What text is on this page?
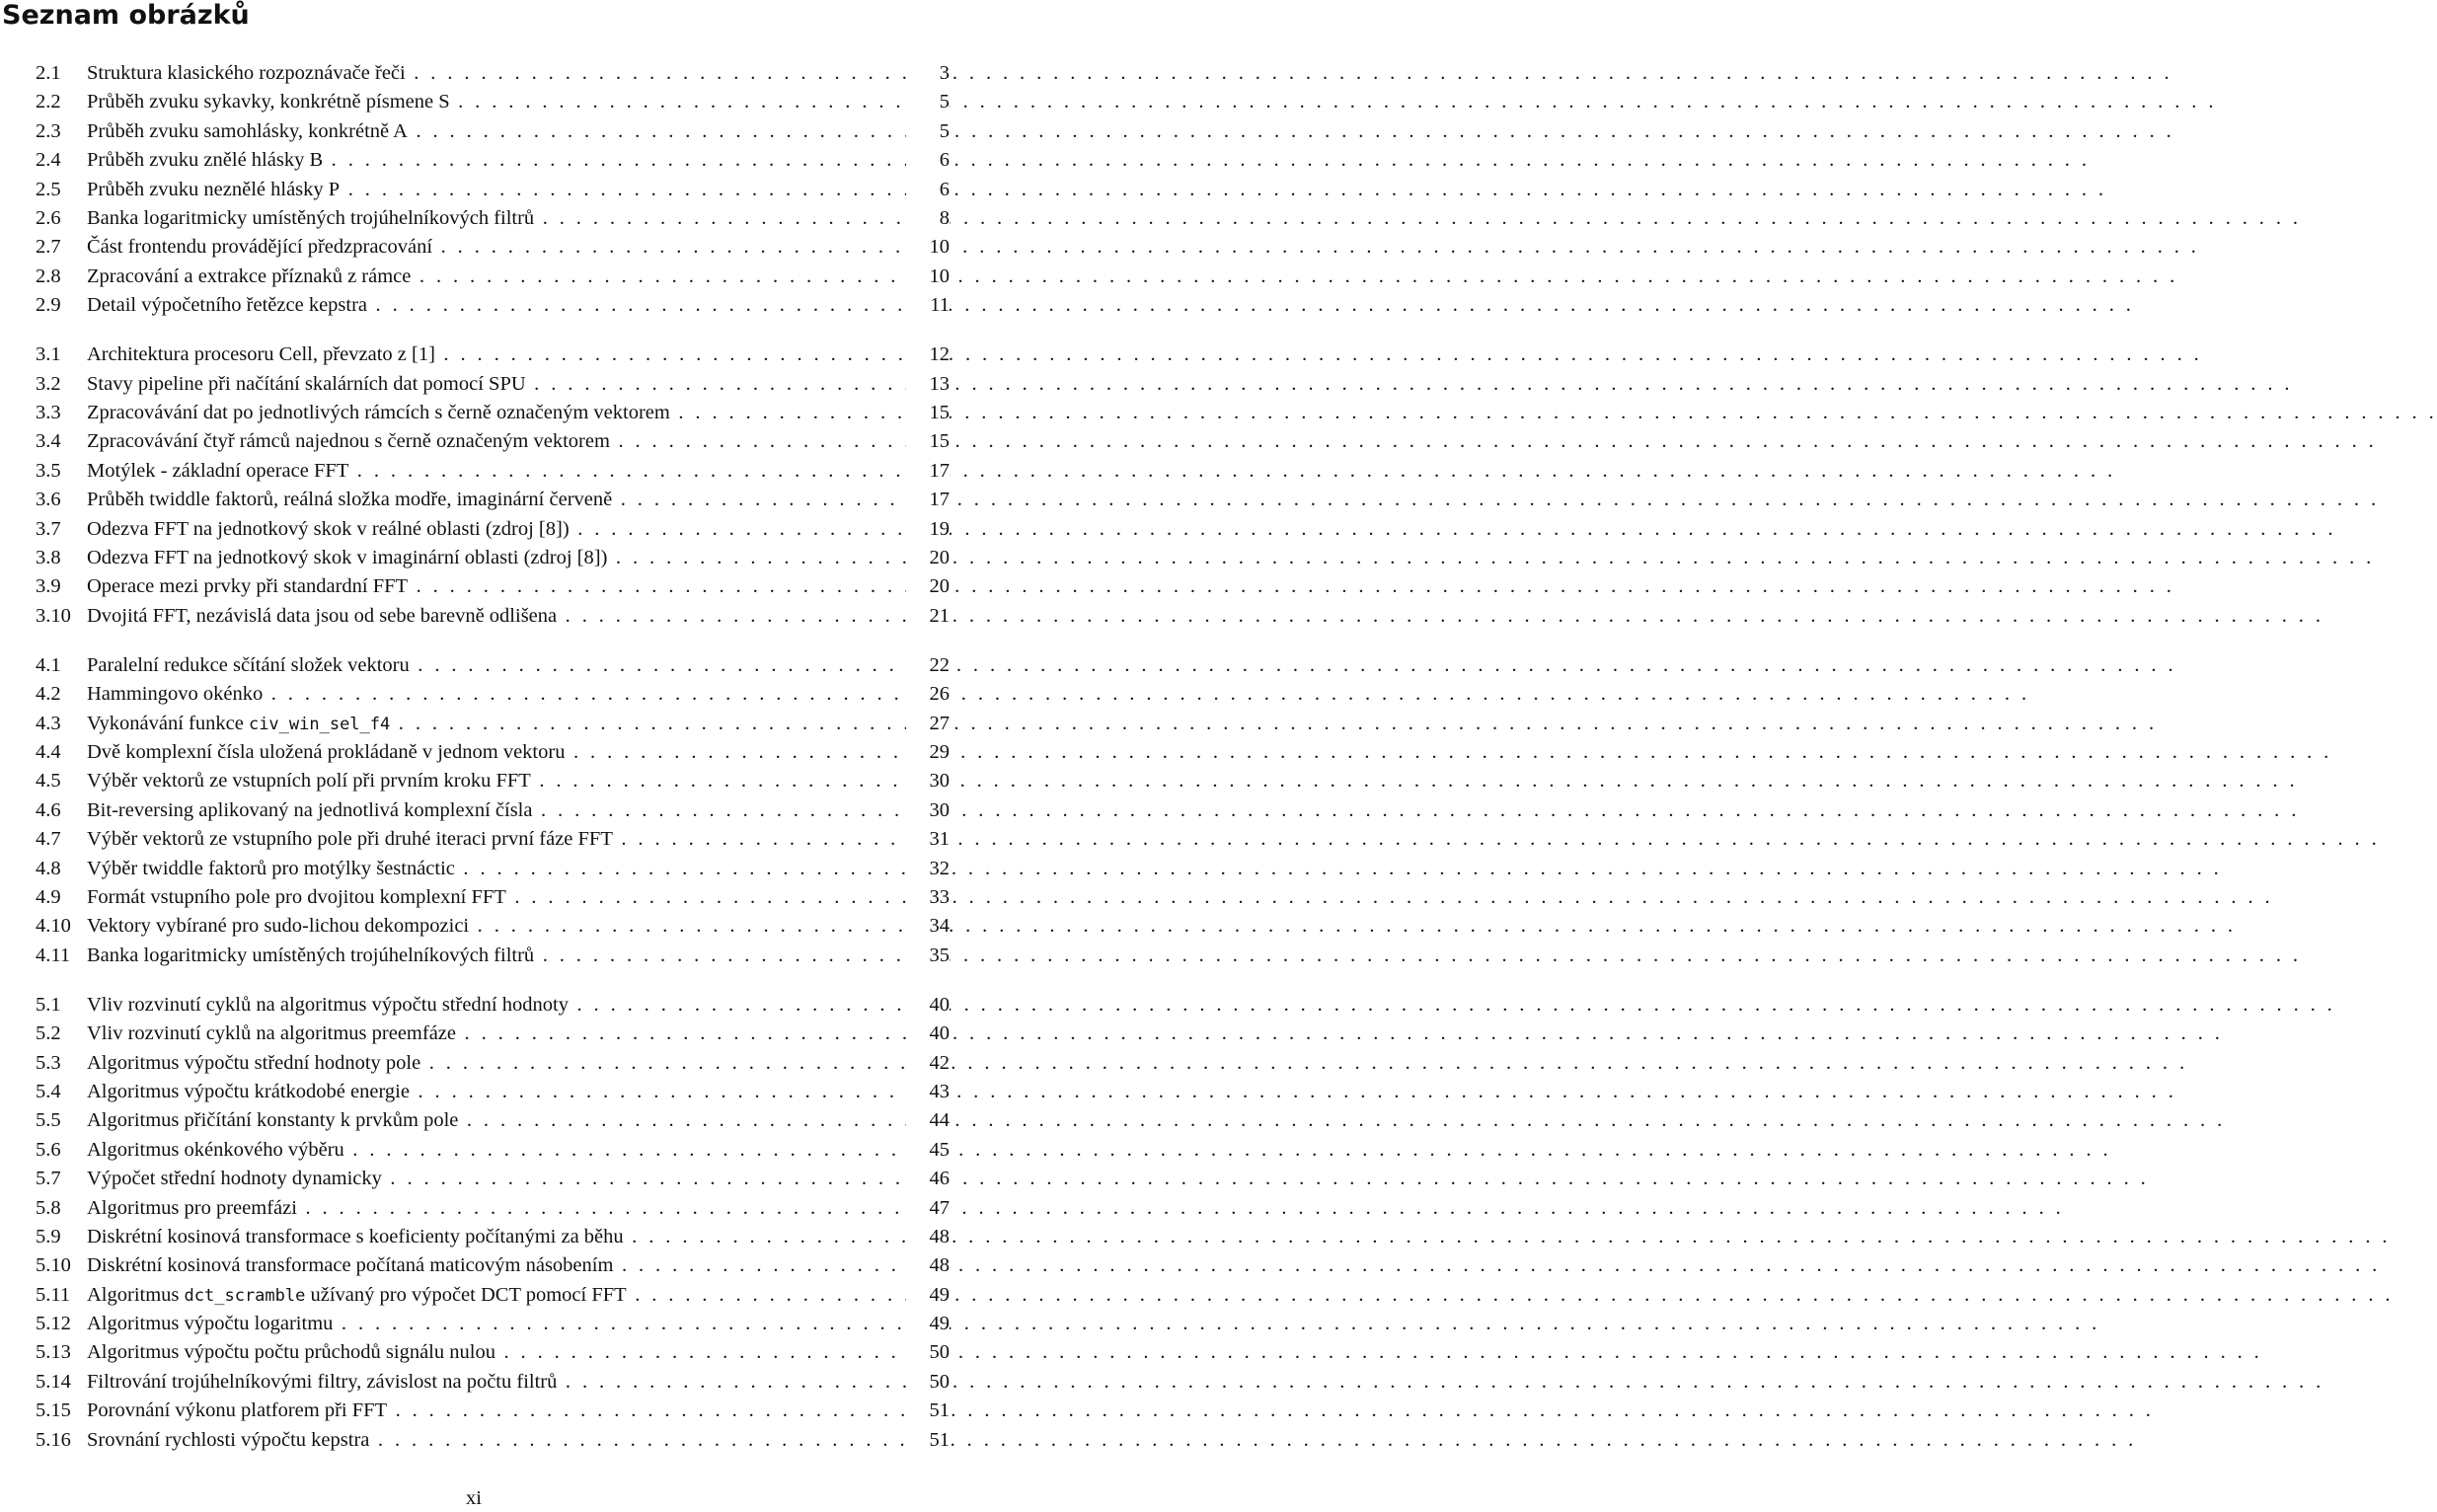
Seznam obrázků
2.1 Struktura klasického rozpoznávače řeči . . .	3
2.2 Průběh zvuku sykavky, konkrétně písmene S . . .	5
2.3 Průběh zvuku samohlásky, konkrétně A . . .	5
2.4 Průběh zvuku znělé hlásky B . . .	6
2.5 Průběh zvuku neznělé hlásky P . . .	6
2.6 Banka logaritmicky umístěných trojúhelníkových filtrů . . .	8
2.7 Část frontendu provádějící předzpracování . . .	10
2.8 Zpracování a extrakce příznaků z rámce . . .	10
2.9 Detail výpočetního řetězce kepstra . . .	11
3.1 Architektura procesoru Cell, převzato z [1] . . .	12
3.2 Stavy pipeline při načítání skalárních dat pomocí SPU . . .	13
3.3 Zpracovávání dat po jednotlivých rámcích s černě označeným vektorem . . .	15
3.4 Zpracovávání čtyř rámců najednou s černě označeným vektorem . . .	15
3.5 Motýlek - základní operace FFT . . .	17
3.6 Průběh twiddle faktorů, reálná složka modře, imaginární červeně . . .	17
3.7 Odezva FFT na jednotkový skok v reálné oblasti (zdroj [8]) . . .	19
3.8 Odezva FFT na jednotkový skok v imaginární oblasti (zdroj [8]) . . .	20
3.9 Operace mezi prvky při standardní FFT . . .	20
3.10 Dvojitá FFT, nezávislá data jsou od sebe barevně odlišena . . .	21
4.1 Paralelní redukce sčítání složek vektoru . . .	22
4.2 Hammingovo okénko . . .	26
4.3 Vykonávání funkce civ_win_sel_f4 . . .	27
4.4 Dvě komplexní čísla uložená prokládaně v jednom vektoru . . .	29
4.5 Výběr vektorů ze vstupních polí při prvním kroku FFT . . .	30
4.6 Bit-reversing aplikovaný na jednotlivá komplexní čísla . . .	30
4.7 Výběr vektorů ze vstupního pole při druhé iteraci první fáze FFT . . .	31
4.8 Výběr twiddle faktorů pro motýlky šestnáctic . . .	32
4.9 Formát vstupního pole pro dvojitou komplexní FFT . . .	33
4.10 Vektory vybírané pro sudo-lichou dekompozici . . .	34
4.11 Banka logaritmicky umístěných trojúhelníkových filtrů . . .	35
5.1 Vliv rozvinutí cyklů na algoritmus výpočtu střední hodnoty . . .	40
5.2 Vliv rozvinutí cyklů na algoritmus preemfáze . . .	40
5.3 Algoritmus výpočtu střední hodnoty pole . . .	42
5.4 Algoritmus výpočtu krátkodobé energie . . .	43
5.5 Algoritmus přičítání konstanty k prvkům pole . . .	44
5.6 Algoritmus okénkového výběru . . .	45
5.7 Výpočet střední hodnoty dynamicky . . .	46
5.8 Algoritmus pro preemfázi . . .	47
5.9 Diskrétní kosinová transformace s koeficienty počítanými za běhu . . .	48
5.10 Diskrétní kosinová transformace počítaná maticovým násobením . . .	48
5.11 Algoritmus dct_scramble užívaný pro výpočet DCT pomocí FFT . . .	49
5.12 Algoritmus výpočtu logaritmu . . .	49
5.13 Algoritmus výpočtu počtu průchodů signálu nulou . . .	50
5.14 Filtrování trojúhelníkovými filtry, závislost na počtu filtrů . . .	50
5.15 Porovnání výkonu platforem při FFT . . .	51
5.16 Srovnání rychlosti výpočtu kepstra . . .	51
xi
